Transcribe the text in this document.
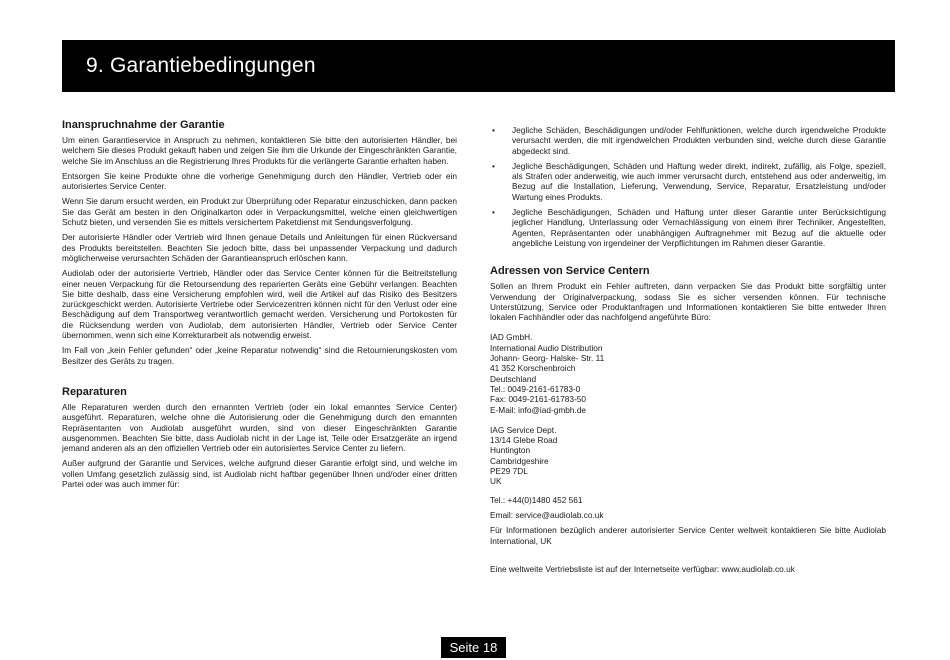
9. Garantiebedingungen
Inanspruchnahme der Garantie

Um einen Garantieservice in Anspruch zu nehmen, kontaktieren Sie bitte den autorisierten Händler, bei welchem Sie dieses Produkt gekauft haben und zeigen Sie ihm die Urkunde der Eingeschränkten Garantie, welche Sie im Anschluss an die Registrierung Ihres Produkts für die verlängerte Garantie erhalten haben.

Entsorgen Sie keine Produkte ohne die vorherige Genehmigung durch den Händler, Vertrieb oder ein autorisiertes Service Center.

Wenn Sie darum ersucht werden, ein Produkt zur Überprüfung oder Reparatur einzuschicken, dann packen Sie das Gerät am besten in den Originalkarton oder in Verpackungsmittel, welche einen gleichwertigen Schutz bieten, und versenden Sie es mittels versichertem Paketdienst mit Sendungsverfolgung.

Der autorisierte Händler oder Vertrieb wird Ihnen genaue Details und Anleitungen für einen Rückversand des Produkts bereitstellen. Beachten Sie jedoch bitte, dass bei unpassender Verpackung und dadurch möglicherweise verursachten Schäden der Garantieanspruch erlöschen kann.

Audiolab oder der autorisierte Vertrieb, Händler oder das Service Center können für die Beitreitstellung einer neuen Verpackung für die Retoursendung des reparierten Geräts eine Gebühr verlangen. Beachten Sie bitte deshalb, dass eine Versicherung empfohlen wird, weil die Artikel auf das Risiko des Besitzers zurückgeschickt werden. Autorisierte Vertriebe oder Servicezentren können nicht für den Verlust oder eine Beschädigung auf dem Transportweg verantwortlich gemacht werden. Versicherung und Portokosten für die Rücksendung werden von Audiolab, dem autorisierten Händler, Vertrieb oder Service Center übernommen, wenn sich eine Korrekturarbeit als notwendig erweist.

Im Fall von „kein Fehler gefunden“ oder „keine Reparatur notwendig“ sind die Retournierungskosten vom Besitzer des Geräts zu tragen.

Reparaturen

Alle Reparaturen werden durch den ernannten Vertrieb (oder ein lokal ernanntes Service Center) ausgeführt. Reparaturen, welche ohne die Autorisierung oder die Genehmigung durch den ernannten Repräsentanten von Audiolab ausgeführt wurden, sind von dieser Eingeschränkten Garantie ausgenommen. Beachten Sie bitte, dass Audiolab nicht in der Lage ist, Teile oder Ersatzgeräte an irgend jemand anderen als an den offiziellen Vertrieb oder ein autorisiertes Service Center zu liefern.

Außer aufgrund der Garantie und Services, welche aufgrund dieser Garantie erfolgt sind, und welche im vollen Umfang gesetzlich zulässig sind, ist Audiolab nicht haftbar gegenüber Ihnen und/oder einer dritten Partei oder was auch immer für:

• Jegliche Schäden, Beschädigungen und/oder Fehlfunktionen, welche durch irgendwelche Produkte verursacht werden, die mit irgendwelchen Produkten verbunden sind, welche durch diese Garantie abgedeckt sind.
• Jegliche Beschädigungen, Schäden und Haftung weder direkt, indirekt, zufällig, als Folge, speziell, als Strafen oder anderweitig, wie auch immer verursacht durch, entstehend aus oder anderweitig, im Bezug auf die Installation, Lieferung, Verwendung, Service, Reparatur, Ersatzleistung und/oder Wartung eines Produkts.
• Jegliche Beschädigungen, Schäden und Haftung unter dieser Garantie unter Berücksichtigung jeglicher Handlung, Unterlassung oder Vernachlässigung von einem ihrer Techniker, Angestellten, Agenten, Repräsentanten oder unabhängigen Auftragnehmer mit Bezug auf die aktuelle oder angebliche Leistung von irgendeiner der Verpflichtungen im Rahmen dieser Garantie.
Adressen von Service Centern

Sollen an Ihrem Produkt ein Fehler auftreten, dann verpacken Sie das Produkt bitte sorgfältig unter Verwendung der Originalverpackung, sodass Sie es sicher versenden können. Für technische Unterstützung, Service oder Produktanfragen und Informationen kontaktieren Sie bitte entweder Ihren lokalen Fachhändler oder das nachfolgend angeführte Büro:

IAD GmbH.
International Audio Distribution
Johann- Georg- Halske- Str. 11
41 352 Korschenbroich
Deutschland
Tel.: 0049-2161-61783-0
Fax: 0049-2161-61783-50
E-Mail: info@iad-gmbh.de
IAG Service Dept.
13/14 Glebe Road
Huntington
Cambridgeshire
PE29 7DL
UK

Tel.: +44(0)1480 452 561

Email: service@audiolab.co.uk

Für Informationen bezüglich anderer autorisierter Service Center weltweit kontaktieren Sie bitte Audiolab International, UK

Eine weltweite Vertriebsliste ist auf der Internetseite verfügbar: www.audiolab.co.uk

Seite 18
